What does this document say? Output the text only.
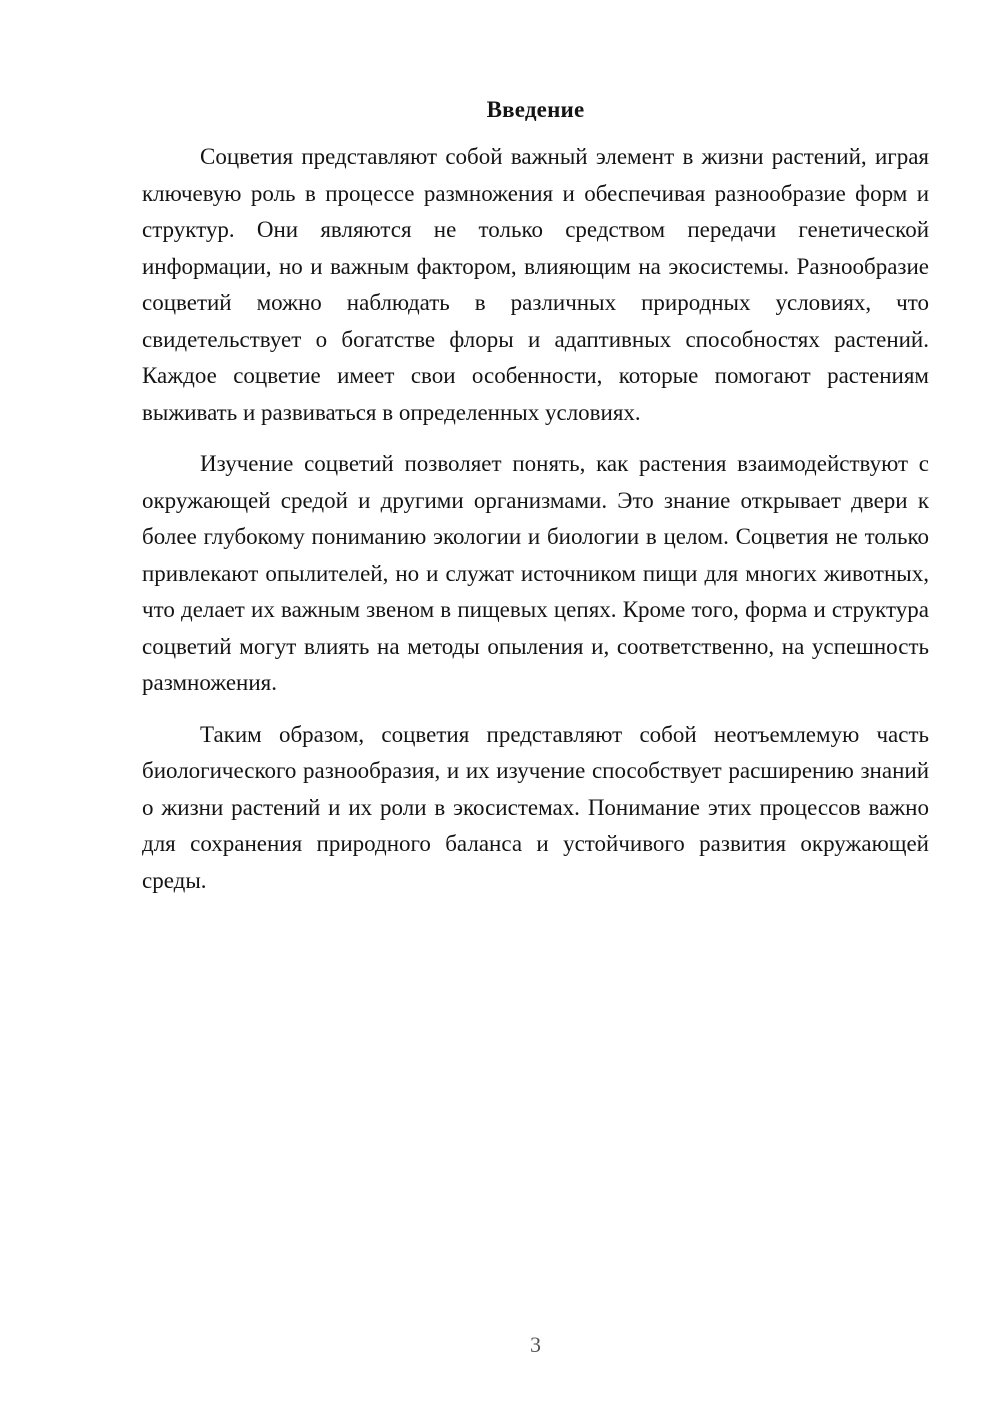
Введение

Соцветия представляют собой важный элемент в жизни растений, играя ключевую роль в процессе размножения и обеспечивая разнообразие форм и структур. Они являются не только средством передачи генетической информации, но и важным фактором, влияющим на экосистемы. Разнообразие соцветий можно наблюдать в различных природных условиях, что свидетельствует о богатстве флоры и адаптивных способностях растений. Каждое соцветие имеет свои особенности, которые помогают растениям выживать и развиваться в определенных условиях.

Изучение соцветий позволяет понять, как растения взаимодействуют с окружающей средой и другими организмами. Это знание открывает двери к более глубокому пониманию экологии и биологии в целом. Соцветия не только привлекают опылителей, но и служат источником пищи для многих животных, что делает их важным звеном в пищевых цепях. Кроме того, форма и структура соцветий могут влиять на методы опыления и, соответственно, на успешность размножения.

Таким образом, соцветия представляют собой неотъемлемую часть биологического разнообразия, и их изучение способствует расширению знаний о жизни растений и их роли в экосистемах. Понимание этих процессов важно для сохранения природного баланса и устойчивого развития окружающей среды.

3
